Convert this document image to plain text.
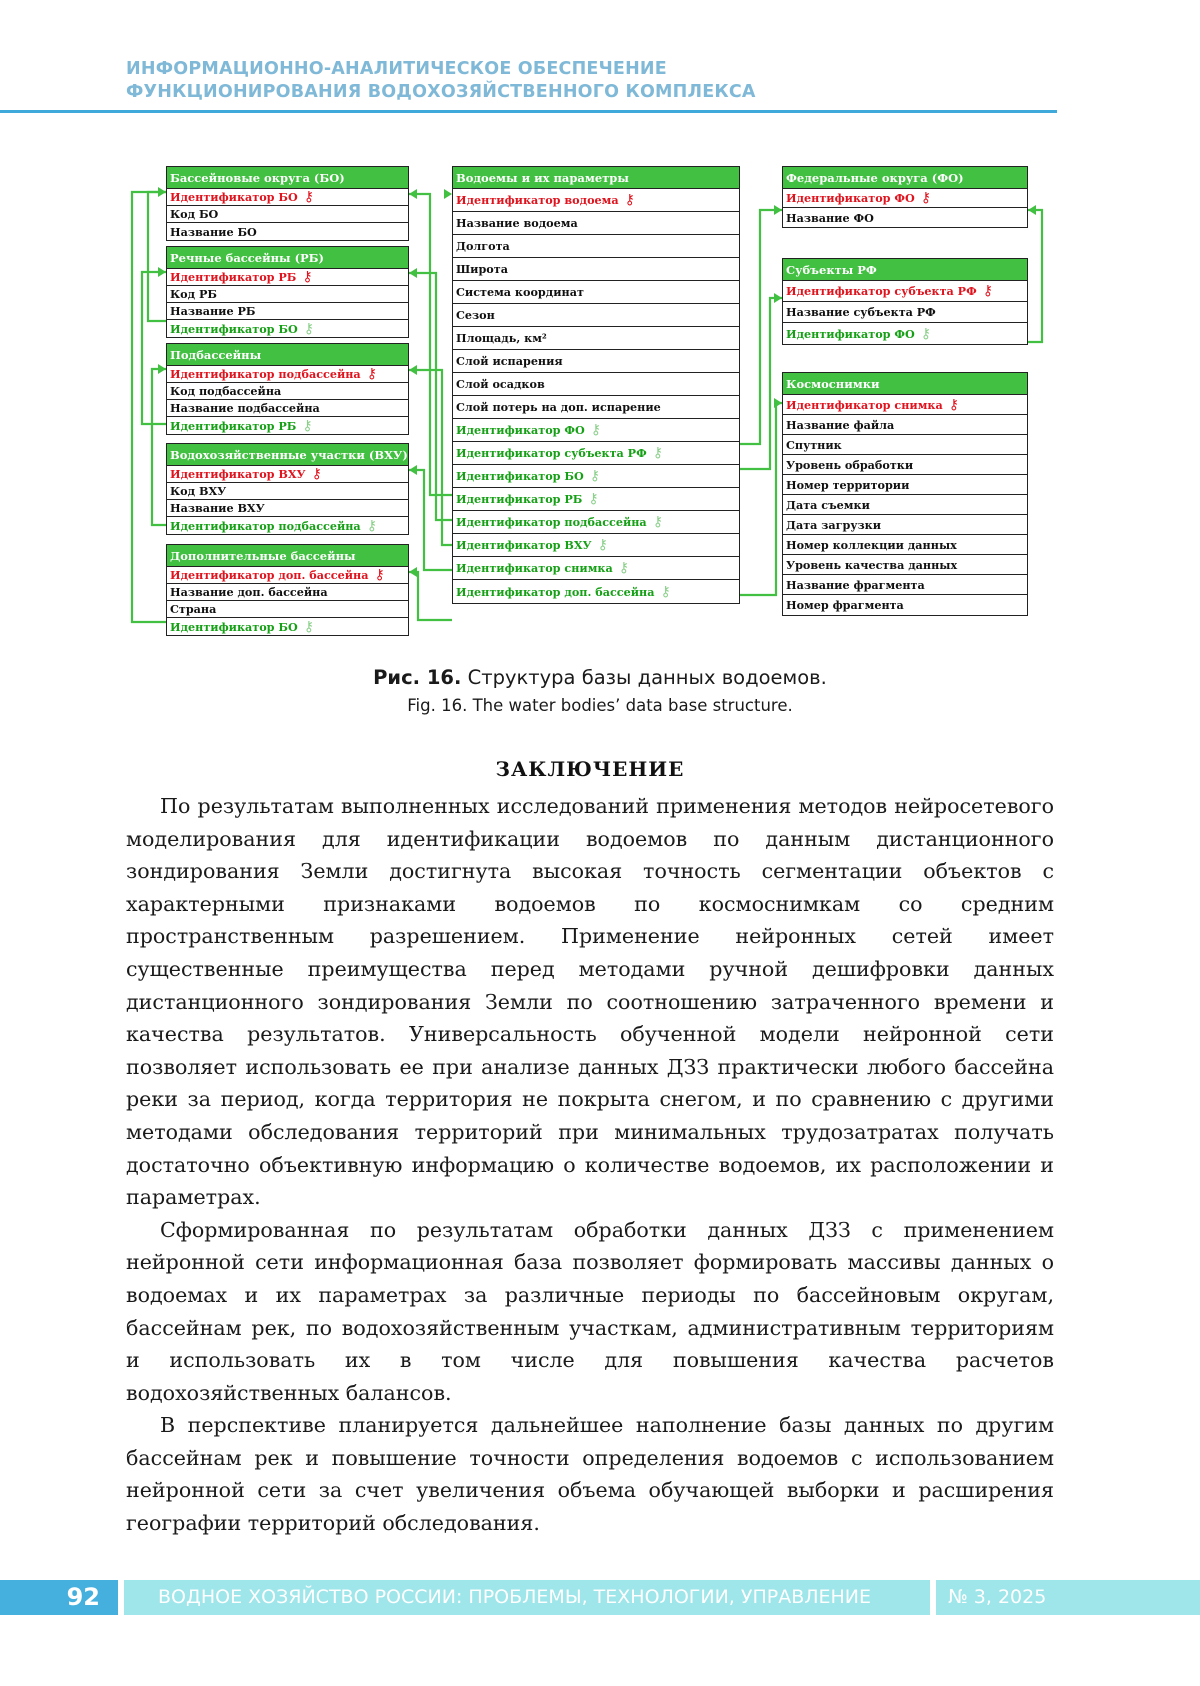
ИНФОРМАЦИОННО-АНАЛИТИЧЕСКОЕ ОБЕСПЕЧЕНИЕ
ФУНКЦИОНИРОВАНИЯ ВОДОХОЗЯЙСТВЕННОГО КОМПЛЕКСА
Бассейновые округа (БО)
Идентификатор БО ⚷
Код БО
Название БО
Речные бассейны (РБ)
Идентификатор РБ ⚷
Код РБ
Название РБ
Идентификатор БО ⚷
Подбассейны
Идентификатор подбассейна ⚷
Код подбассейна
Название подбассейна
Идентификатор РБ ⚷
Водохозяйственные участки (ВХУ)
Идентификатор ВХУ ⚷
Код ВХУ
Название ВХУ
Идентификатор подбассейна ⚷
Дополнительные бассейны
Идентификатор доп. бассейна ⚷
Название доп. бассейна
Страна
Идентификатор БО ⚷
Водоемы и их параметры
Идентификатор водоема ⚷
Название водоема
Долгота
Широта
Система координат
Сезон
Площадь, км²
Слой испарения
Слой осадков
Слой потерь на доп. испарение
Идентификатор ФО ⚷
Идентификатор субъекта РФ ⚷
Идентификатор БО ⚷
Идентификатор РБ ⚷
Идентификатор подбассейна ⚷
Идентификатор ВХУ ⚷
Идентификатор снимка ⚷
Идентификатор доп. бассейна ⚷
Федеральные округа (ФО)
Идентификатор ФО ⚷
Название ФО
Субъекты РФ
Идентификатор субъекта РФ ⚷
Название субъекта РФ
Идентификатор ФО ⚷
Космоснимки
Идентификатор снимка ⚷
Название файла
Спутник
Уровень обработки
Номер территории
Дата съемки
Дата загрузки
Номер коллекции данных
Уровень качества данных
Название фрагмента
Номер фрагмента
Рис. 16. Структура базы данных водоемов.
Fig. 16. The water bodies’ data base structure.
ЗАКЛЮЧЕНИЕ

По результатам выполненных исследований применения методов нейросетевого моделирования для идентификации водоемов по данным дистанционного зондирования Земли достигнута высокая точность сегментации объектов с характерными признаками водоемов по космоснимкам со средним пространственным разрешением. Применение нейронных сетей имеет существенные преимущества перед методами ручной дешифровки данных дистанционного зондирования Земли по соотношению затраченного времени и качества результатов. Универсальность обученной модели нейронной сети позволяет использовать ее при анализе данных ДЗЗ практически любого бассейна реки за период, когда территория не покрыта снегом, и по сравнению с другими методами обследования территорий при минимальных трудозатратах получать достаточно объективную информацию о количестве водоемов, их расположении и параметрах.

Сформированная по результатам обработки данных ДЗЗ с применением нейронной сети информационная база позволяет формировать массивы данных о водоемах и их параметрах за различные периоды по бассейновым округам, бассейнам рек, по водохозяйственным участкам, административным территориям и использовать их в том числе для повышения качества расчетов водохозяйственных балансов.

В перспективе планируется дальнейшее наполнение базы данных по другим бассейнам рек и повышение точности определения водоемов с использованием нейронной сети за счет увеличения объема обучающей выборки и расширения географии территорий обследования.

92	ВОДНОЕ ХОЗЯЙСТВО РОССИИ: ПРОБЛЕМЫ, ТЕХНОЛОГИИ, УПРАВЛЕНИЕ	№ 3, 2025
